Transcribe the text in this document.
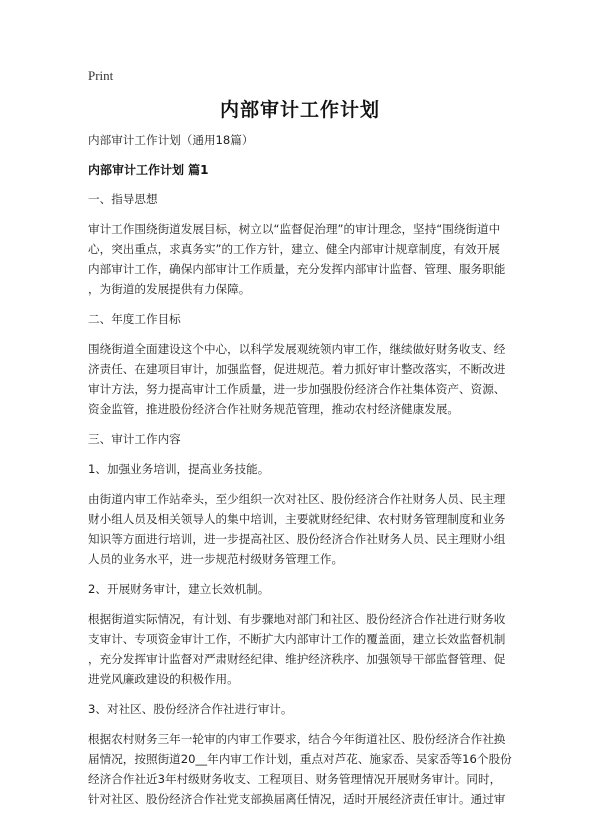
Print
内部审计工作计划
内部审计工作计划（通用18篇）
内部审计工作计划 篇1
一、指导思想
审计工作围绕街道发展目标，树立以“监督促治理”的审计理念，坚持“围绕街道中
心，突出重点，求真务实”的工作方针，建立、健全内部审计规章制度，有效开展
内部审计工作，确保内部审计工作质量，充分发挥内部审计监督、管理、服务职能
，为街道的发展提供有力保障。
二、年度工作目标
围绕街道全面建设这个中心，以科学发展观统领内审工作，继续做好财务收支、经
济责任、在建项目审计，加强监督，促进规范。着力抓好审计整改落实，不断改进
审计方法，努力提高审计工作质量，进一步加强股份经济合作社集体资产、资源、
资金监管，推进股份经济合作社财务规范管理，推动农村经济健康发展。
三、审计工作内容
1、加强业务培训，提高业务技能。
由街道内审工作站牵头，至少组织一次对社区、股份经济合作社财务人员、民主理
财小组人员及相关领导人的集中培训，主要就财经纪律、农村财务管理制度和业务
知识等方面进行培训，进一步提高社区、股份经济合作社财务人员、民主理财小组
人员的业务水平，进一步规范村级财务管理工作。
2、开展财务审计，建立长效机制。
根据街道实际情况，有计划、有步骤地对部门和社区、股份经济合作社进行财务收
支审计、专项资金审计工作，不断扩大内部审计工作的覆盖面，建立长效监督机制
，充分发挥审计监督对严肃财经纪律、维护经济秩序、加强领导干部监督管理、促
进党风廉政建设的积极作用。
3、对社区、股份经济合作社进行审计。
根据农村财务三年一轮审的内审工作要求，结合今年街道社区、股份经济合作社换
届情况，按照街道20__年内审工作计划，重点对芦花、施家岙、吴家岙等16个股份
经济合作社近3年村级财务收支、工程项目、财务管理情况开展财务审计。同时，
针对社区、股份经济合作社党支部换届离任情况，适时开展经济责任审计。通过审
